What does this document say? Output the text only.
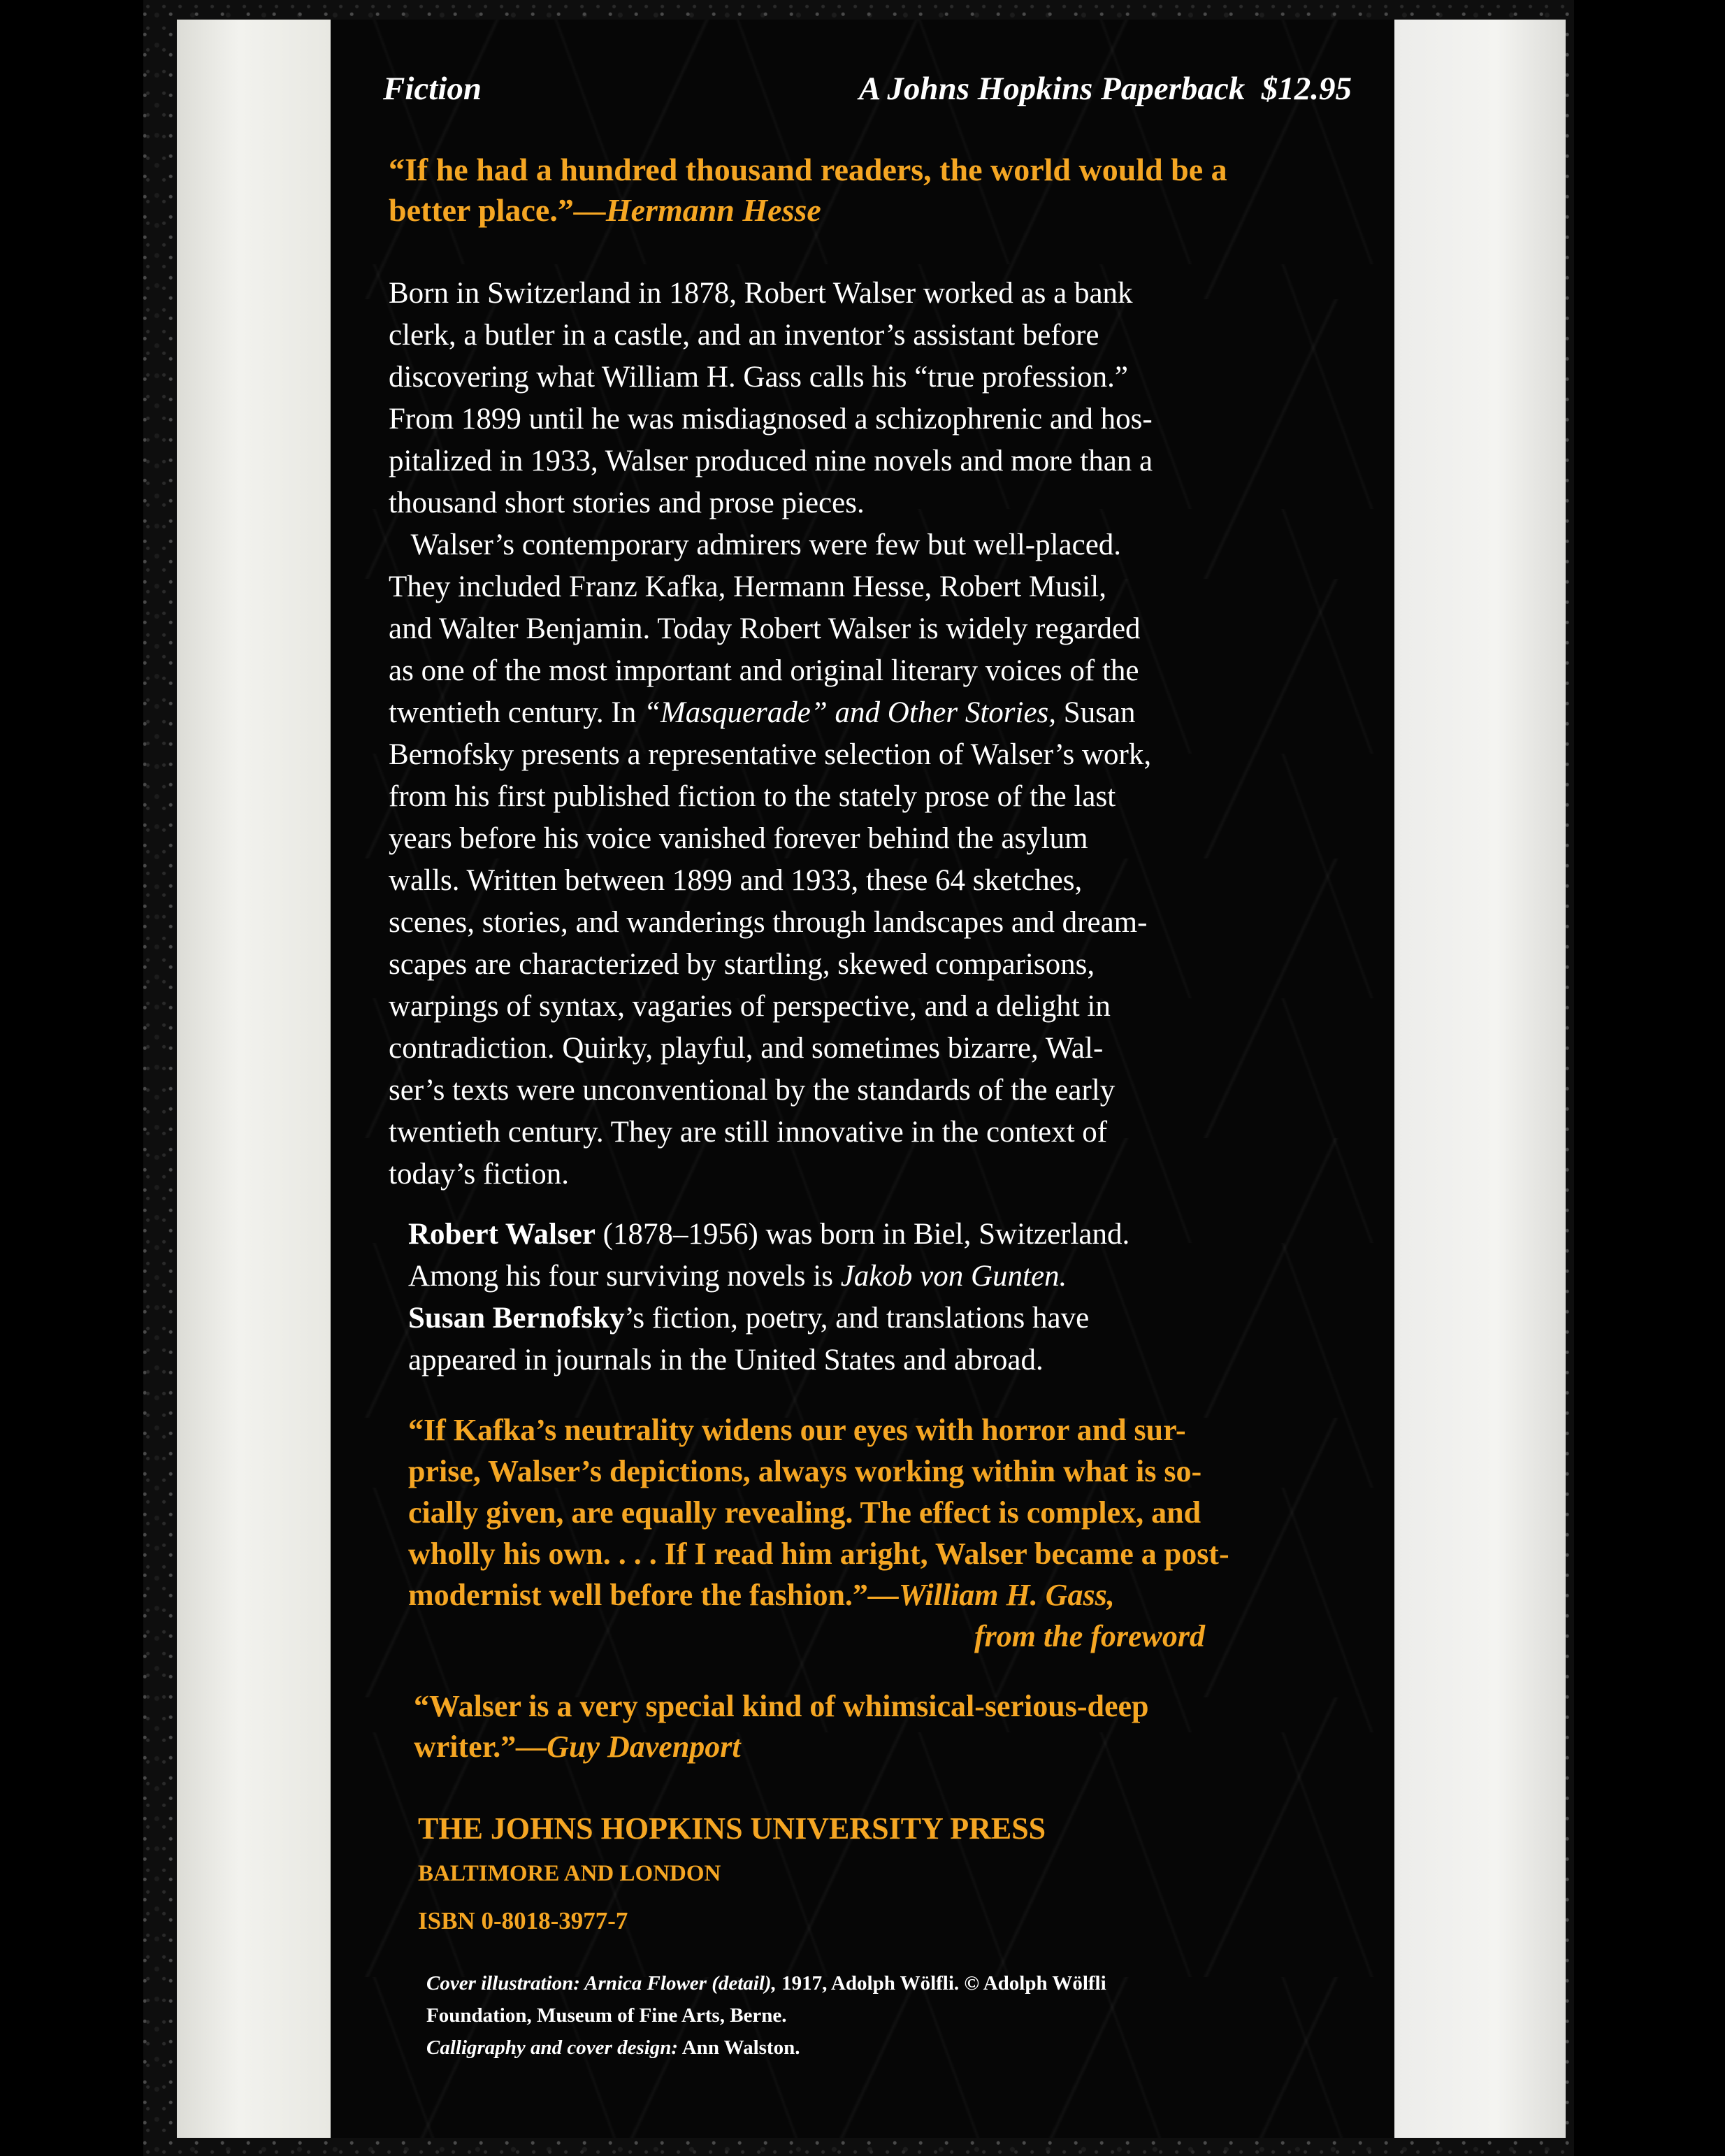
Fiction	A Johns Hopkins Paperback  $12.95
“If he had a hundred thousand readers, the world would be a
better place.”—Hermann Hesse

Born in Switzerland in 1878, Robert Walser worked as a bank

clerk, a butler in a castle, and an inventor’s assistant before

discovering what William H. Gass calls his “true profession.”

From 1899 until he was misdiagnosed a schizophrenic and hos-

pitalized in 1933, Walser produced nine novels and more than a

thousand short stories and prose pieces.

Walser’s contemporary admirers were few but well-placed.

They included Franz Kafka, Hermann Hesse, Robert Musil,

and Walter Benjamin. Today Robert Walser is widely regarded

as one of the most important and original literary voices of the

twentieth century. In “Masquerade” and Other Stories, Susan

Bernofsky presents a representative selection of Walser’s work,

from his first published fiction to the stately prose of the last

years before his voice vanished forever behind the asylum

walls. Written between 1899 and 1933, these 64 sketches,

scenes, stories, and wanderings through landscapes and dream-

scapes are characterized by startling, skewed comparisons,

warpings of syntax, vagaries of perspective, and a delight in

contradiction. Quirky, playful, and sometimes bizarre, Wal-

ser’s texts were unconventional by the standards of the early

twentieth century. They are still innovative in the context of

today’s fiction.

Robert Walser (1878–1956) was born in Biel, Switzerland.

Among his four surviving novels is Jakob von Gunten.

Susan Bernofsky’s fiction, poetry, and translations have

appeared in journals in the United States and abroad.

“If Kafka’s neutrality widens our eyes with horror and sur-
prise, Walser’s depictions, always working within what is so-
cially given, are equally revealing. The effect is complex, and
wholly his own. . . . If I read him aright, Walser became a post-
modernist well before the fashion.”—William H. Gass,
from the foreword
“Walser is a very special kind of whimsical-serious-deep
writer.”—Guy Davenport
THE JOHNS HOPKINS UNIVERSITY PRESS
BALTIMORE AND LONDON
ISBN 0-8018-3977-7
Cover illustration: Arnica Flower (detail), 1917, Adolph Wölfli. © Adolph Wölfli
Foundation, Museum of Fine Arts, Berne.
Calligraphy and cover design: Ann Walston.
